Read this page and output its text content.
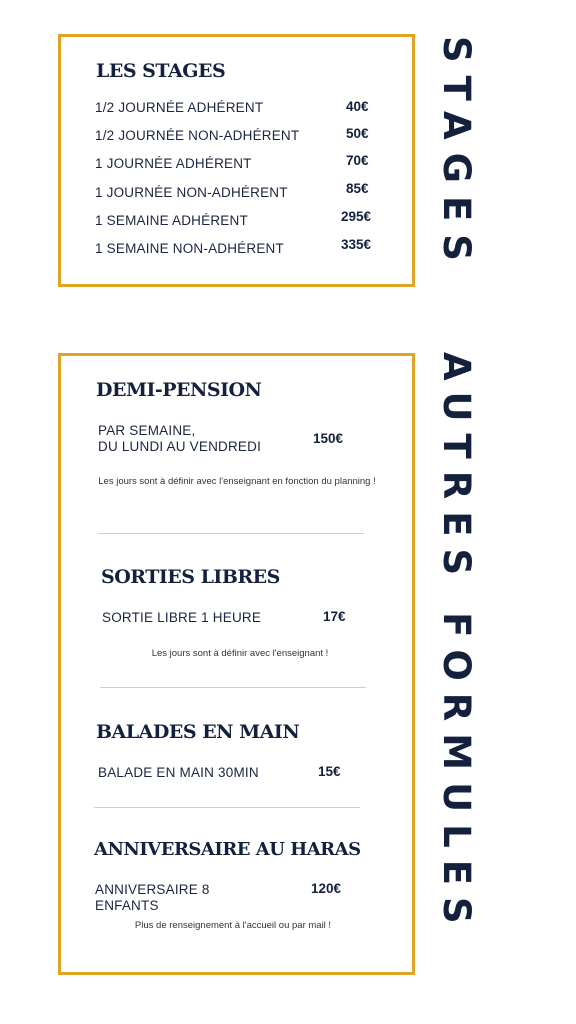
LES STAGES
1/2 JOURNÉE ADHÉRENT	40€
1/2 JOURNÉE NON-ADHÉRENT	50€
1 JOURNÉE ADHÉRENT	70€
1 JOURNÉE NON-ADHÉRENT	85€
1 SEMAINE ADHÉRENT	295€
1 SEMAINE NON-ADHÉRENT	335€ STAGES
DEMI-PENSION
PAR SEMAINE,
DU LUNDI AU VENDREDI
150€
Les jours sont à définir avec l'enseignant en fonction du planning !
SORTIES LIBRES
SORTIE LIBRE 1 HEURE	17€
Les jours sont à définir avec l'enseignant !
BALADES EN MAIN
BALADE EN MAIN 30MIN	15€
ANNIVERSAIRE AU HARAS
ANNIVERSAIRE 8
ENFANTS
120€
Plus de renseignement à l'accueil ou par mail !	AUTRES FORMULES
